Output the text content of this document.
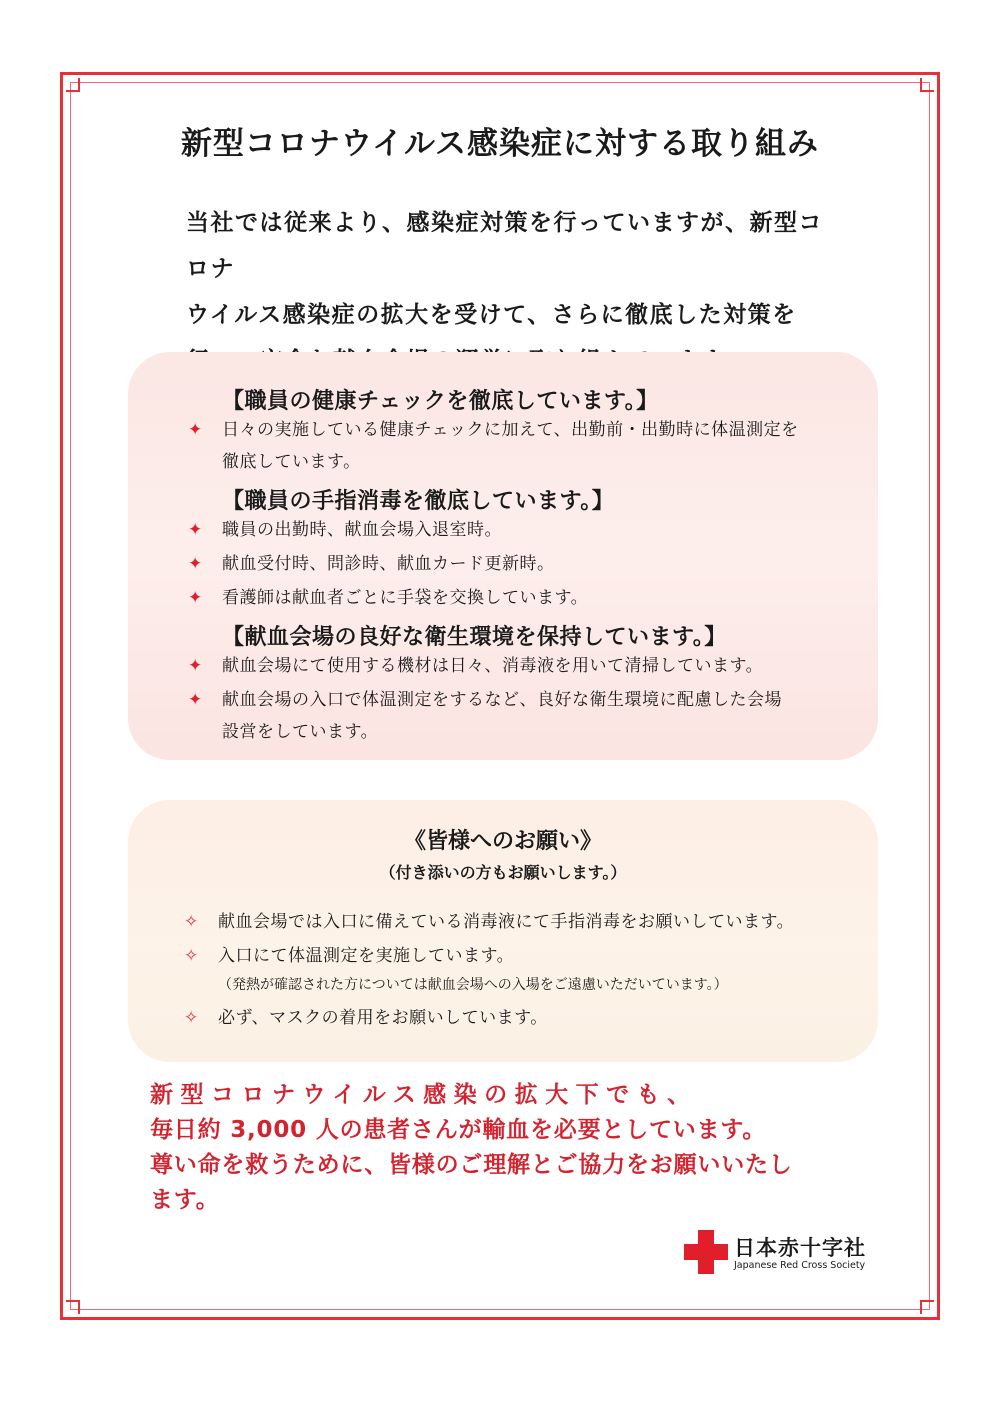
新型コロナウイルス感染症に対する取り組み
当社では従来より、感染症対策を行っていますが、新型コロナ
ウイルス感染症の拡大を受けて、さらに徹底した対策を
【職員の健康チェックを徹底しています。】
✦ 日々の実施している健康チェックに加えて、出勤前・出勤時に体温測定を
徹底しています。
【職員の手指消毒を徹底しています。】
✦ 職員の出勤時、献血会場入退室時。
✦ 献血受付時、問診時、献血カード更新時。
✦ 看護師は献血者ごとに手袋を交換しています。
【献血会場の良好な衛生環境を保持しています。】
✦ 献血会場にて使用する機材は日々、消毒液を用いて清掃しています。
✦ 献血会場の入口で体温測定をするなど、良好な衛生環境に配慮した会場
設営をしています。
《皆様へのお願い》
（付き添いの方もお願いします。）
✧ 献血会場では入口に備えている消毒液にて手指消毒をお願いしています。
✧ 入口にて体温測定を実施しています。
（発熱が確認された方については献血会場への入場をご遠慮いただいています。）
✧ 必ず、マスクの着用をお願いしています。
新型コロナウイルス感染の拡大下でも、
毎日約 3,000 人の患者さんが輸血を必要としています。
尊い命を救うために、皆様のご理解とご協力をお願いいたし
ます。
日本赤十字社
Japanese Red Cross Society
